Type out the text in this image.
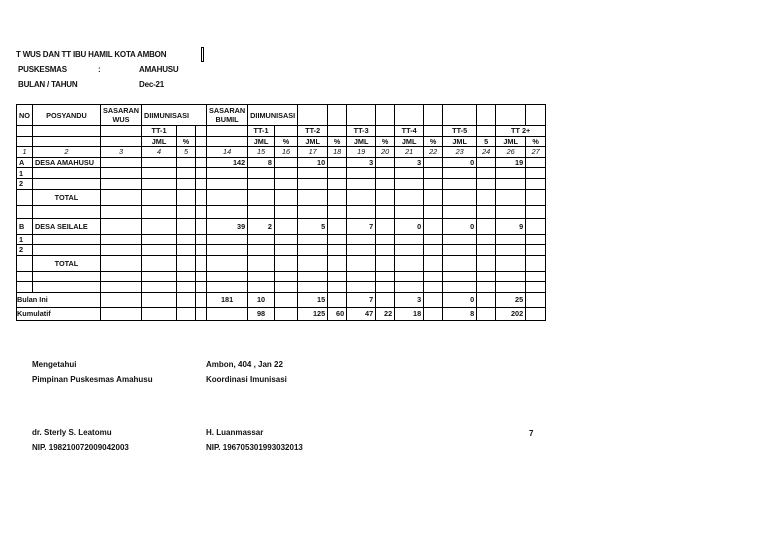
T WUS DAN TT IBU HAMIL KOTA AMBON
PUSKESMAS	:	AMAHUSU
BULAN / TAHUN	Dec-21
NO	POSYANDU	SASARAN WUS	DIIMUNISASI			SASARAN BUMIL	DIIMUNISASI											
			TT-1				TT-1		TT-2		TT-3		TT-4		TT-5		TT 2+	
			JML	%			JML	%	JML	%	JML	%	JML	%	JML	5	JML	%
1	2	3	4	5		14	15	16	17	18	19	20	21	22	23	24	26	27
A	DESA AMAHUSU					142	8		10		3		3		0		19	
1																		
2																		
	TOTAL																	

B	DESA SEILALE					39	2		5		7		0		0		9	
1																		
2																		
	TOTAL																	

Bulan Ini						181	10		15		7		3		0		25	
Kumulatif							98		125	60	47	22	18		8		202	
Mengetahui
Pimpinan Puskesmas Amahusu
Ambon, 404 , Jan 22
Koordinasi Imunisasi
dr. Sterly S. Leatomu
NIP. 198210072009042003
H. Luanmassar
NIP. 196705301993032013
7
